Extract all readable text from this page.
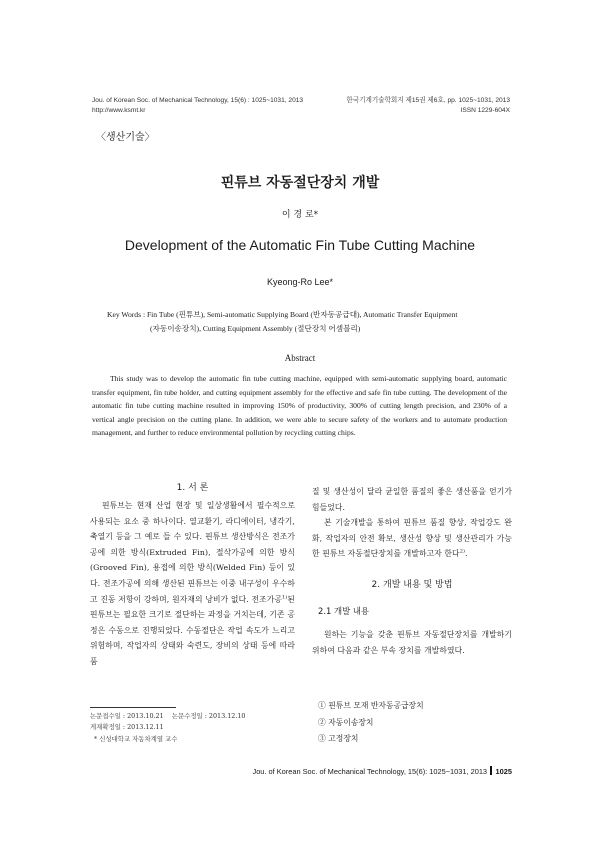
Jou. of Korean Soc. of Mechanical Technology, 15(6) : 1025~1031, 2013
http://www.ksmt.kr
한국기계기술학회지 제15권 제6호, pp. 1025~1031, 2013
ISSN 1229-604X
〈생산기술〉
핀튜브 자동절단장치 개발
이 경 로*
Development of the Automatic Fin Tube Cutting Machine
Kyeong-Ro Lee*
Key Words : Fin Tube (핀튜브), Semi-automatic Supplying Board (반자동공급대), Automatic Transfer Equipment
(자동이송장치), Cutting Equipment Assembly (절단장치 어셈블리)
Abstract
This study was to develop the automatic fin tube cutting machine, equipped with semi-automatic supplying board, automatic transfer equipment, fin tube holder, and cutting equipment assembly for the effective and safe fin tube cutting. The development of the automatic fin tube cutting machine resulted in improving 150% of productivity, 300% of cutting length precision, and 230% of a vertical angle precision on the cutting plane. In addition, we were able to secure safety of the workers and to automate production management, and further to reduce environmental pollution by recycling cutting chips.
1. 서 론

핀튜브는 현재 산업 현장 및 일상생활에서 필수적으로 사용되는 요소 중 하나이다. 열교환기, 라디에이터, 냉각기, 축열기 등을 그 예로 들 수 있다. 핀튜브 생산방식은 전조가공에 의한 방식(Extruded Fin), 절삭가공에 의한 방식(Grooved Fin), 용접에 의한 방식(Welded Fin) 등이 있다. 전조가공에 의해 생산된 핀튜브는 이중 내구성이 우수하고 진동 저항이 강하며, 원자재의 낭비가 없다. 전조가공$^{1)}$된 핀튜브는 필요한 크기로 절단하는 과정을 거치는데, 기존 공정은 수동으로 진행되었다. 수동절단은 작업 속도가 느리고 위험하며, 작업자의 상태와 숙련도, 장비의 상태 등에 따라 품

논문접수일 : 2013.10.21 논문수정일 : 2013.12.10
게재확정일 : 2013.12.11
* 신성대학교 자동차계열 교수

질 및 생산성이 달라 균일한 품질의 좋은 생산품을 얻기가 힘들었다.

본 기술개발을 통하여 핀튜브 품질 향상, 작업강도 완화, 작업자의 안전 확보, 생산성 향상 및 생산관리가 가능한 핀튜브 자동절단장치를 개발하고자 한다$^{2)}$.

2. 개발 내용 및 방법
2.1 개발 내용

원하는 기능을 갖춘 핀튜브 자동절단장치를 개발하기 위하여 다음과 같은 부속 장치를 개발하였다.

① 핀튜브 모재 반자동공급장치
② 자동이송장치
③ 고정장치
Jou. of Korean Soc. of Mechanical Technology, 15(6): 1025~1031, 2013 1025
